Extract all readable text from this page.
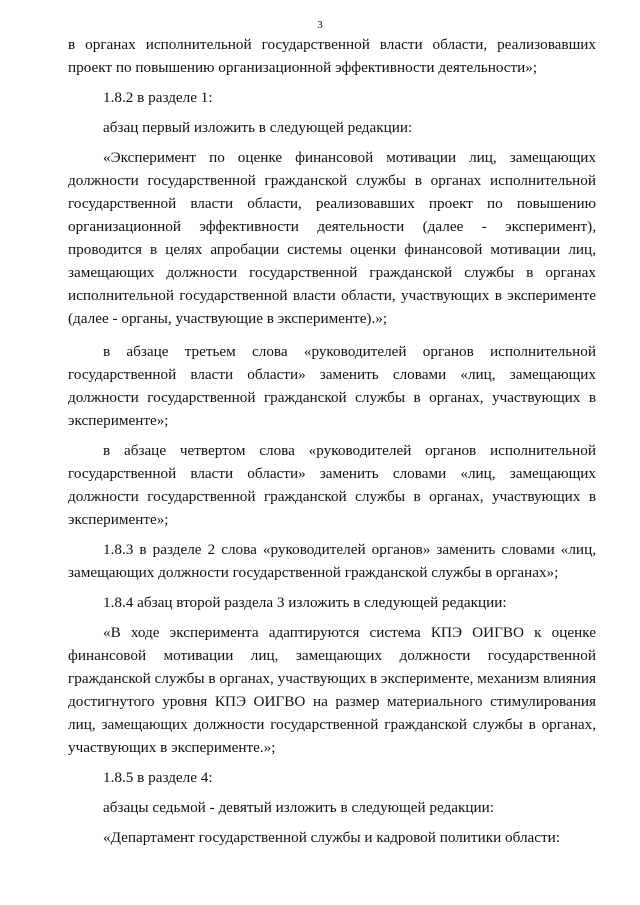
3

в органах исполнительной государственной власти области, реализовавших проект по повышению организационной эффективности деятельности»;

1.8.2 в разделе 1:

абзац первый изложить в следующей редакции:

«Эксперимент по оценке финансовой мотивации лиц, замещающих должности государственной гражданской службы в органах исполнительной государственной власти области, реализовавших проект по повышению организационной эффективности деятельности (далее - эксперимент), проводится в целях апробации системы оценки финансовой мотивации лиц, замещающих должности государственной гражданской службы в органах исполнительной государственной власти области, участвующих в эксперименте (далее - органы, участвующие в эксперименте).»;

в абзаце третьем слова «руководителей органов исполнительной государственной власти области» заменить словами «лиц, замещающих должности государственной гражданской службы в органах, участвующих в эксперименте»;

в абзаце четвертом слова «руководителей органов исполнительной государственной власти области» заменить словами «лиц, замещающих должности государственной гражданской службы в органах, участвующих в эксперименте»;

1.8.3 в разделе 2 слова «руководителей органов» заменить словами «лиц, замещающих должности государственной гражданской службы в органах»;

1.8.4 абзац второй раздела 3 изложить в следующей редакции:

«В ходе эксперимента адаптируются система КПЭ ОИГВО к оценке финансовой мотивации лиц, замещающих должности государственной гражданской службы в органах, участвующих в эксперименте, механизм влияния достигнутого уровня КПЭ ОИГВО на размер материального стимулирования лиц, замещающих должности государственной гражданской службы в органах, участвующих в эксперименте.»;

1.8.5 в разделе 4:

абзацы седьмой - девятый изложить в следующей редакции:

«Департамент государственной службы и кадровой политики области:
